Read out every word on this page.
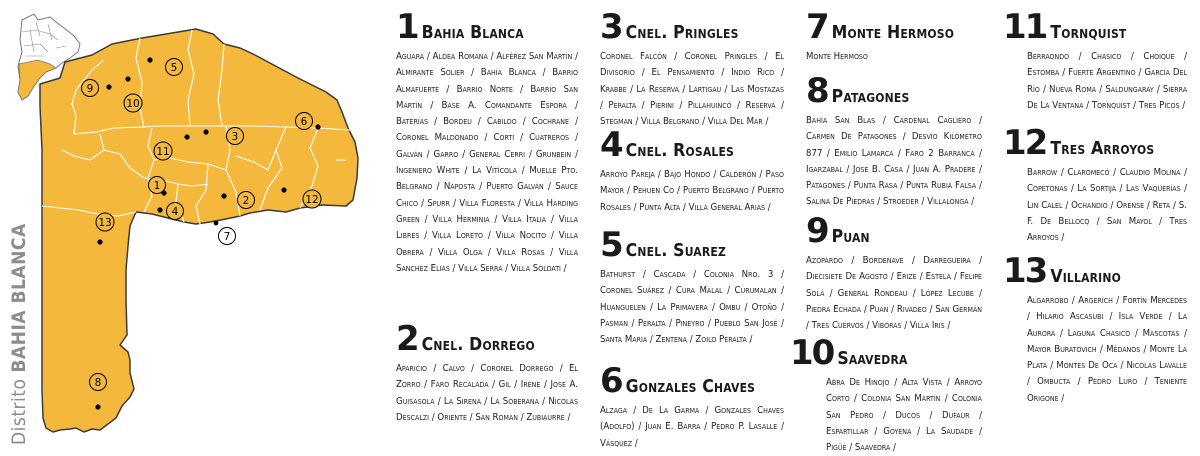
Distrito BAHIA BLANCA
1
2
3
4
5
6
7
8
9
10
11
12
13
1 Bahia Blanca
Aguara / Aldea Romana / Alférez San Martín / Almirante Solier / Bahía Blanca / Barrio Almafuerte / Barrio Norte / Barrio San Martín / Base A. Comandante Espora / Baterías / Bordeu / Cabildo / Cochrane / Coronel Maldonado / Corti / Cuatreros / Galván / Garro / General Cerri / Grunbein / Ingeniero White / La Vitícola / Muelle Pto. Belgrano / Naposta / Puerto Galván / Sauce Chico / Spurr / Villa Floresta / Villa Harding Green / Villa Herminia / Villa Italia / Villa Libres / Villa Loreto / Villa Nocito / Villa Obrera / Villa Olga / Villa Rosas / Villa Sanchez Elias / Villa Serra / Villa Soldati /
2 Cnel. Dorrego
Aparicio / Calvo / Coronel Dorrego / El Zorro / Faro Recalada / Gil / Irene / Jose A. Guisasola / La Sirena / La Soberana / Nicolas Descalzi / Oriente / San Roman / Zubiaurre /
3 Cnel. Pringles
Coronel Falcón / Coronel Pringles / El Divisorio / El Pensamiento / Indio Rico / Krabbe / La Reserva / Lartigau / Las Mostazas / Peralta / Pierini / Pillahuincó / Reserva / Stegman / Villa Belgrano / Villa Del Mar /
4 Cnel. Rosales
Arroyo Pareja / Bajo Hondo / Calderón / Paso Mayor / Pehuen Co / Puerto Belgrano / Puerto Rosales / Punta Alta / Villa General Arias /
5 Cnel. Suarez
Bathurst / Cascada / Colonia Nro. 3 / Coronel Suárez / Cura Malal / Curumalan / Huanguelen / La Primavera / Ombu / Otoño / Pasman / Peralta / Pineyro / Pueblo San José / Santa Maria / Zentena / Zoilo Peralta /
6 Gonzales Chaves
Alzaga / De La Garma / Gonzales Chaves (Adolfo) / Juan E. Barra / Pedro P. Lasalle / Vásquez /
7 Monte Hermoso
Monte Hermoso
8 Patagones
Bahía San Blas / Cardenal Cagliero / Carmen De Patagones / Desvío Kilómetro 877 / Emilio Lamarca / Faro 2 Barranca / Igarzabal / Jose B. Casa / Juan A. Pradere / Patagones / Punta Rasa / Punta Rubia Falsa / Salina De Piedras / Stroeder / Villalonga /
9 Puan
Azopardo / Bordenave / Darregueira / Diecisiete De Agosto / Erize / Estela / Felipe Solá / General Rondeau / López Lecube / Piedra Echada / Puan / Rivadeo / San Germán / Tres Cuervos / Víboras / Villa Iris /
10 Saavedra
Abra De Hinojo / Alta Vista / Arroyo Corto / Colonia San Martín / Colonia San Pedro / Ducos / Dufaur / Espartillar / Goyena / La Saudade / Pigüé / Saavedra /
11 Tornquist
Berraondo / Chasico / Choique / Estomba / Fuerte Argentino / García Del Río / Nueva Roma / Saldungaray / Sierra De La Ventana / Tornquist / Tres Picos /
12 Tres Arroyos
Barrow / Claromecó / Claudio Molina / Copetonas / La Sortija / Las Vaquerías / Lin Calel / Ochandio / Orense / Reta / S. F. De Bellocq / San Mayol / Tres Arroyos /
13 Villarino
Algarrobo / Argerich / Fortín Mercedes / Hilario Ascasubi / Isla Verde / La Aurora / Laguna Chasico / Mascotas / Mayor Buratovich / Médanos / Monte La Plata / Montes De Oca / Nicolás Lavalle / Ombucta / Pedro Luro / Teniente Origone /
